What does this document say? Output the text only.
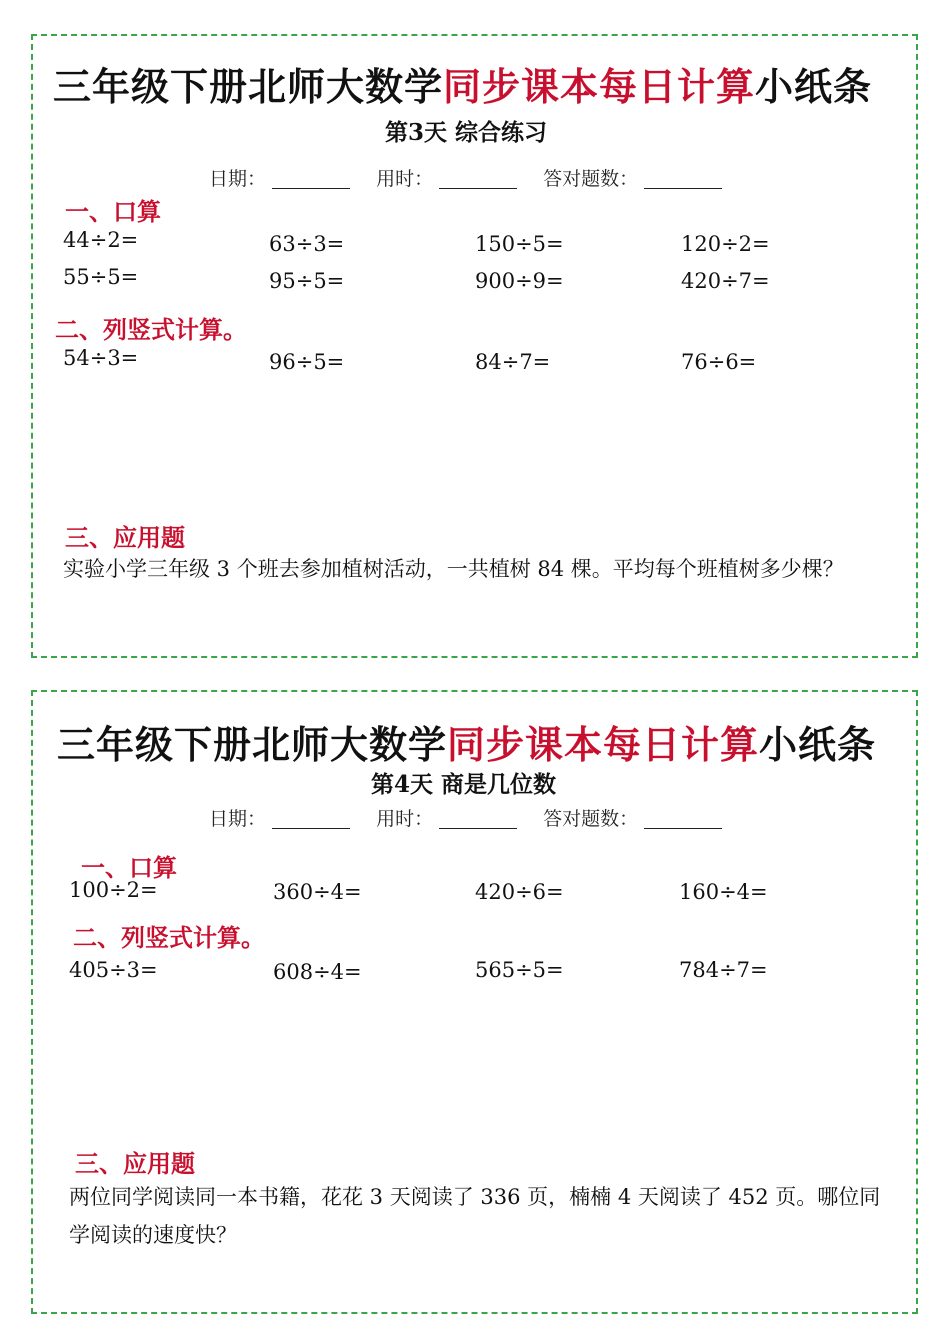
三年级下册北师大数学同步课本每日计算小纸条
第3天 综合练习
日期：	用时：	答对题数：
一、口算
44÷2=	63÷3=	150÷5=	120÷2=
55÷5=	95÷5=	900÷9=	420÷7=
二、列竖式计算。
54÷3=	96÷5=	84÷7=	76÷6=
三、应用题
实验小学三年级 3 个班去参加植树活动，一共植树 84 棵。平均每个班植树多少棵？
三年级下册北师大数学同步课本每日计算小纸条
第4天 商是几位数
日期：	用时：	答对题数：
一、口算
100÷2=	360÷4=	420÷6=	160÷4=
二、列竖式计算。
405÷3=	608÷4=	565÷5=	784÷7=
三、应用题
两位同学阅读同一本书籍，花花 3 天阅读了 336 页，楠楠 4 天阅读了 452 页。哪位同学阅读的速度快？
